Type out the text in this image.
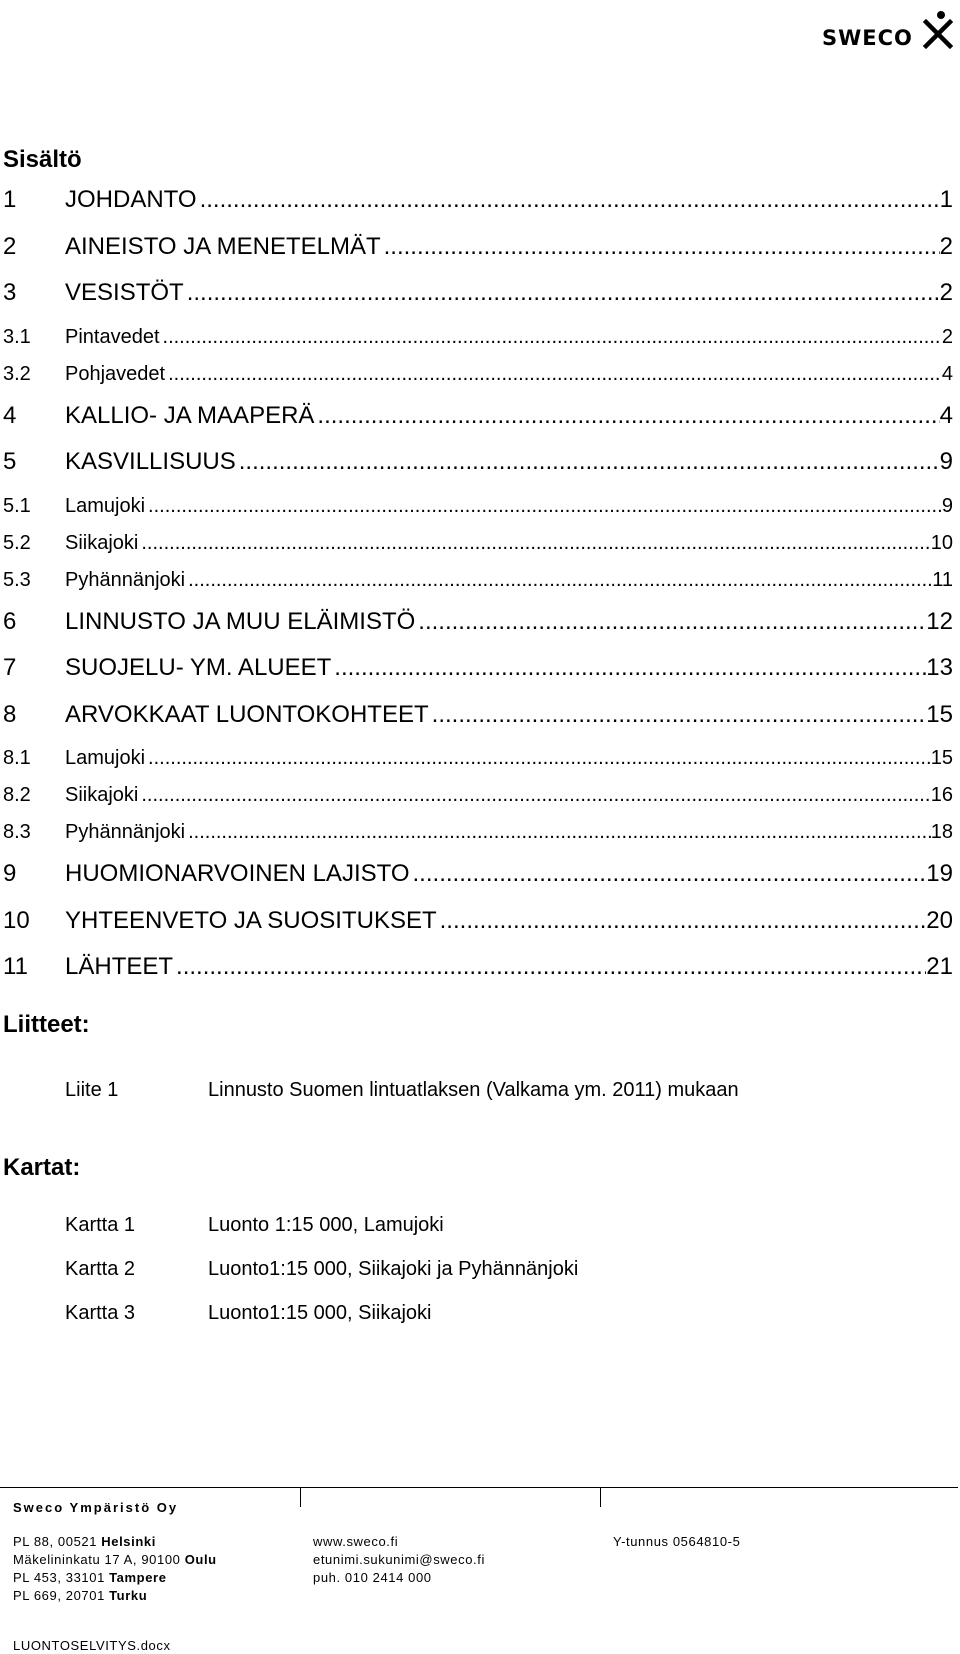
SWECO
Sisältö
1	JOHDANTO .....	1
2	AINEISTO JA MENETELMÄT .....	2
3	VESISTÖT .....	2
3.1	Pintavedet .....	2
3.2	Pohjavedet .....	4
4	KALLIO- JA MAAPERÄ .....	4
5	KASVILLISUUS .....	9
5.1	Lamujoki .....	9
5.2	Siikajoki .....	10
5.3	Pyhännänjoki .....	11
6	LINNUSTO JA MUU ELÄIMISTÖ .....	12
7	SUOJELU- YM. ALUEET .....	13
8	ARVOKKAAT LUONTOKOHTEET .....	15
8.1	Lamujoki .....	15
8.2	Siikajoki .....	16
8.3	Pyhännänjoki .....	18
9	HUOMIONARVOINEN LAJISTO .....	19
10	YHTEENVETO JA SUOSITUKSET .....	20
11	LÄHTEET .....	21
Liitteet:
Liite 1	Linnusto Suomen lintuatlaksen (Valkama ym. 2011) mukaan
Kartat:
Kartta 1	Luonto 1:15 000, Lamujoki
Kartta 2	Luonto1:15 000, Siikajoki ja Pyhännänjoki
Kartta 3	Luonto1:15 000, Siikajoki
Sweco Ympäristö Oy
PL 88, 00521 Helsinki
Mäkelininkatu 17 A, 90100 Oulu
PL 453, 33101 Tampere
PL 669, 20701 Turku
www.sweco.fi
etunimi.sukunimi@sweco.fi
puh. 010 2414 000
Y-tunnus 0564810-5
LUONTOSELVITYS.docx
